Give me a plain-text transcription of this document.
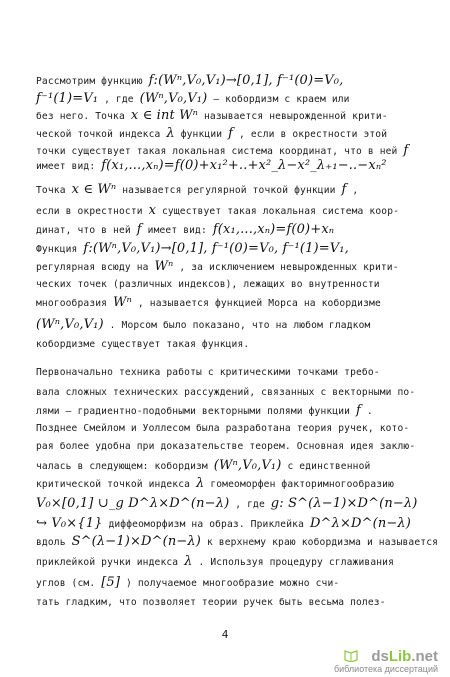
Рассмотрим функцию f:(Wⁿ,V₀,V₁)→[0,1], f⁻¹(0)=V₀,
f⁻¹(1)=V₁ , где (Wⁿ,V₀,V₁) – кобордизм с краем или
без него. Точка x ∈ int Wⁿ называется невырожденной крити-
ческой точкой индекса λ функции f , если в окрестности этой
точки существует такая локальная система координат, что в ней f
имеет вид: f(x₁,...,xₙ)=f(0)+x₁²+..+x²_λ−x²_λ₊₁−..−xₙ²
Точка x ∈ Wⁿ называется регулярной точкой функции f ,
если в окрестности x существует такая локальная система коор-
динат, что в ней f имеет вид: f(x₁,...,xₙ)=f(0)+xₙ
Функция f:(Wⁿ,V₀,V₁)→[0,1], f⁻¹(0)=V₀, f⁻¹(1)=V₁,
регулярная всюду на Wⁿ , за исключением невырожденных крити-
ческих точек (различных индексов), лежащих во внутренности
многообразия Wⁿ , называется функцией Морса на кобордизме
(Wⁿ,V₀,V₁) . Морсом было показано, что на любом гладком
кобордизме существует такая функция.
Первоначально техника работы с критическими точками требо-
вала сложных технических рассуждений, связанных с векторными по-
лями – градиентно-подобными векторными полями функции f .
Позднее Смейлом и Уоллесом была разработана теория ручек, кото-
рая более удобна при доказательстве теорем. Основная идея заклю-
чалась в следующем: кобордизм (Wⁿ,V₀,V₁) с единственной
критической точкой индекса λ гомеоморфен факторимногообразию
V₀×[0,1] ∪_g D^λ×D^(n−λ) , где g: S^(λ−1)×D^(n−λ)
↪ V₀×{1} диффеоморфизм на образ. Приклейка D^λ×D^(n−λ)
вдоль S^(λ−1)×D^(n−λ) к верхнему краю кобордизма и называется
приклейкой ручки индекса λ . Используя процедуру сглаживания
углов (см. [5] ) получаемое многообразие можно счи-
тать гладким, что позволяет теории ручек быть весьма полез-
4
dsLib.net
библиотека диссертаций
